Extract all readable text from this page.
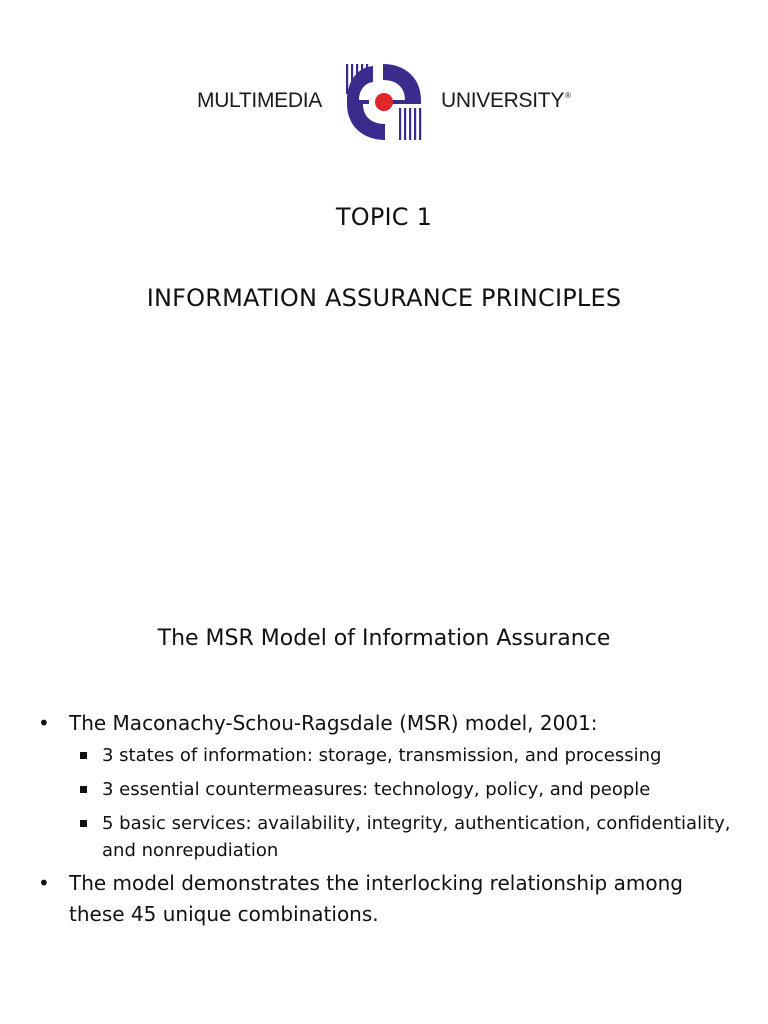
MULTIMEDIA	UNIVERSITY®
TOPIC 1
INFORMATION ASSURANCE PRINCIPLES
The MSR Model of Information Assurance
• The Maconachy-Schou-Ragsdale (MSR) model, 2001:
3 states of information: storage, transmission, and processing
3 essential countermeasures: technology, policy, and people
5 basic services: availability, integrity, authentication, confidentiality, and nonrepudiation
• The model demonstrates the interlocking relationship among these 45 unique combinations.
